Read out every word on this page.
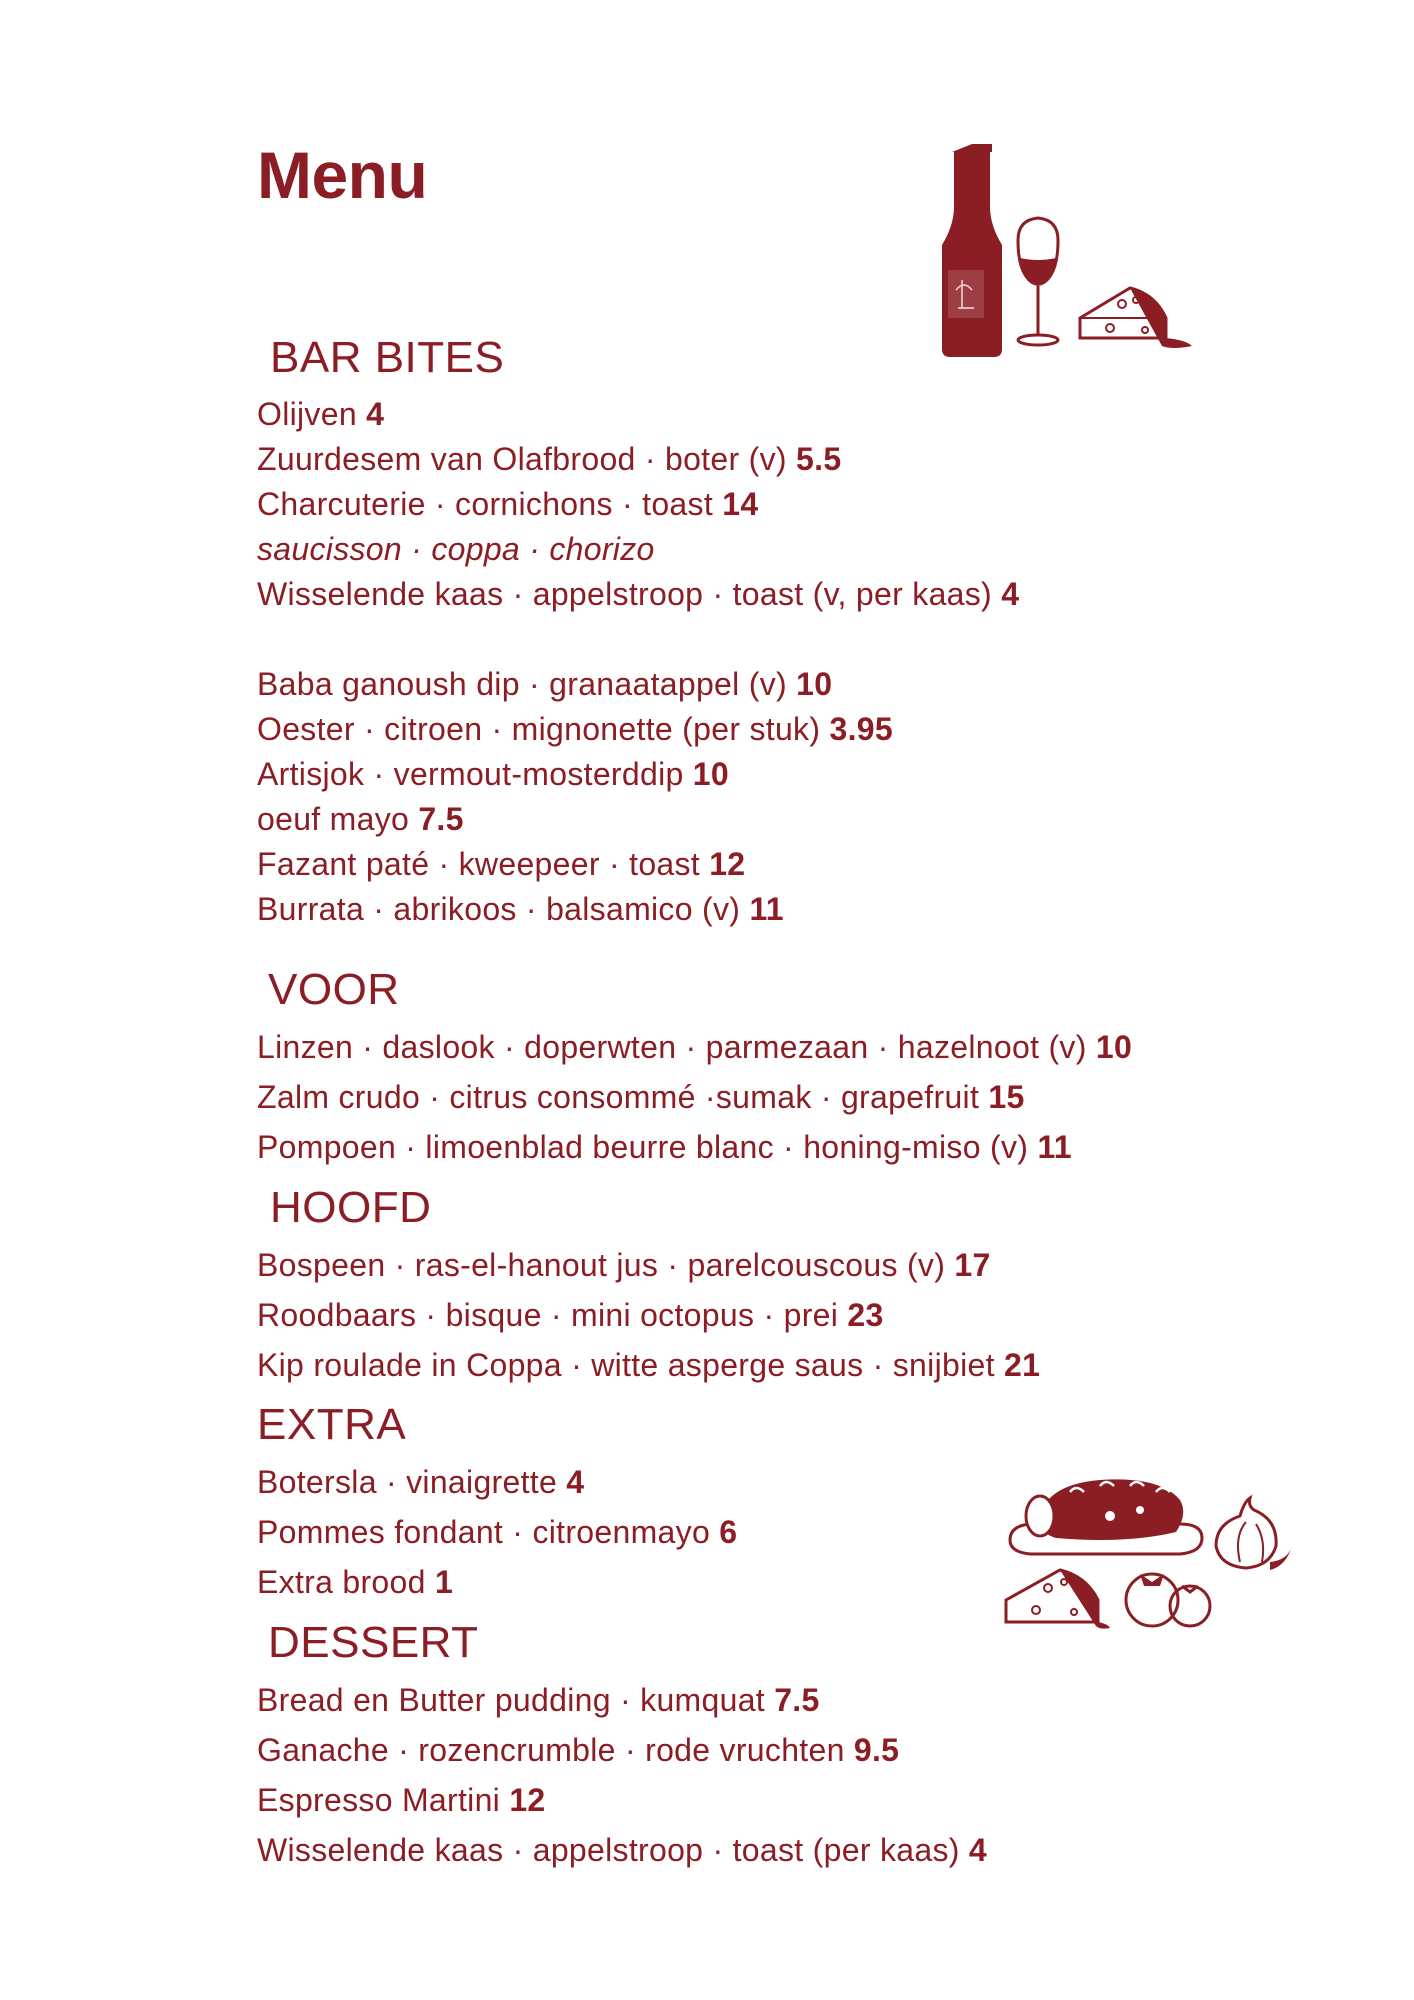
Menu
BAR BITES
Olijven 4
Zuurdesem van Olafbrood · boter (v) 5.5
Charcuterie · cornichons · toast 14
saucisson · coppa · chorizo
Wisselende kaas · appelstroop · toast (v, per kaas) 4
Baba ganoush dip · granaatappel (v) 10
Oester · citroen · mignonette (per stuk) 3.95
Artisjok · vermout-mosterddip 10
oeuf mayo 7.5
Fazant paté · kweepeer · toast 12
Burrata · abrikoos · balsamico (v) 11
VOOR
Linzen · daslook · doperwten · parmezaan · hazelnoot (v) 10
Zalm crudo · citrus consommé ·sumak · grapefruit 15
Pompoen · limoenblad beurre blanc · honing-miso (v) 11
HOOFD
Bospeen · ras-el-hanout jus · parelcouscous (v) 17
Roodbaars · bisque · mini octopus · prei 23
Kip roulade in Coppa · witte asperge saus · snijbiet 21
EXTRA
Botersla · vinaigrette 4
Pommes fondant · citroenmayo 6
Extra brood 1
DESSERT
Bread en Butter pudding · kumquat 7.5
Ganache · rozencrumble · rode vruchten 9.5
Espresso Martini 12
Wisselende kaas · appelstroop · toast (per kaas) 4
